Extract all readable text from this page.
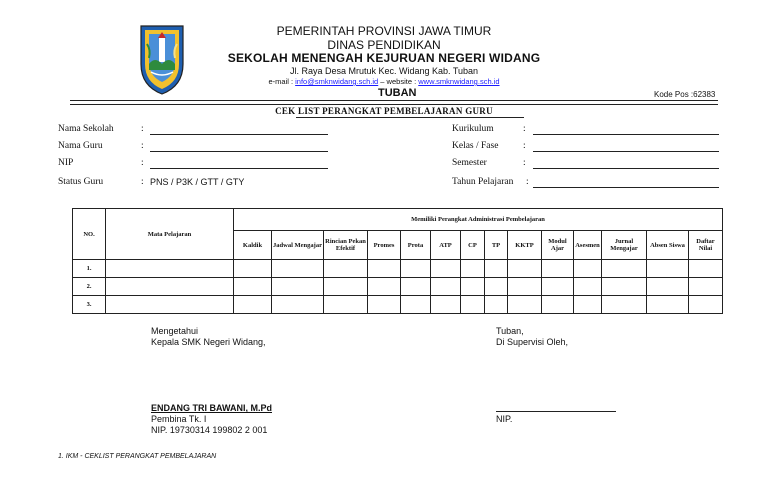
PEMERINTAH PROVINSI JAWA TIMUR
DINAS PENDIDIKAN
SEKOLAH MENENGAH KEJURUAN NEGERI WIDANG
Jl. Raya Desa Mrutuk Kec. Widang Kab. Tuban
e-mail : info@smknwidang.sch.id – website : www.smknwidang.sch.id
TUBAN	Kode Pos :62383
CEK LIST PERANGKAT PEMBELAJARAN GURU
Nama Sekolah	:
Nama Guru	:
NIP	:
Status Guru	: PNS / P3K / GTT / GTY
Kurikulum	:
Kelas / Fase	:
Semester	:
Tahun Pelajaran :
NO.	Mata Pelajaran	Memiliki Perangkat Administrasi Pembelajaran													
		Kaldik	Jadwal Mengajar	Rincian Pekan Efektif	Promes	Prota	ATP	CP	TP	KKTP	Modul Ajar	Asesmen	Jurnal Mengajar	Absen Siswa	Daftar Nilai
1.															
2.															
3.															
Mengetahui
Kepala SMK Negeri Widang,
ENDANG TRI BAWANI, M.Pd
Pembina Tk. I
NIP. 19730314 199802 2 001
Tuban,
Di Supervisi Oleh,
NIP.
1. IKM - CEKLIST PERANGKAT PEMBELAJARAN
